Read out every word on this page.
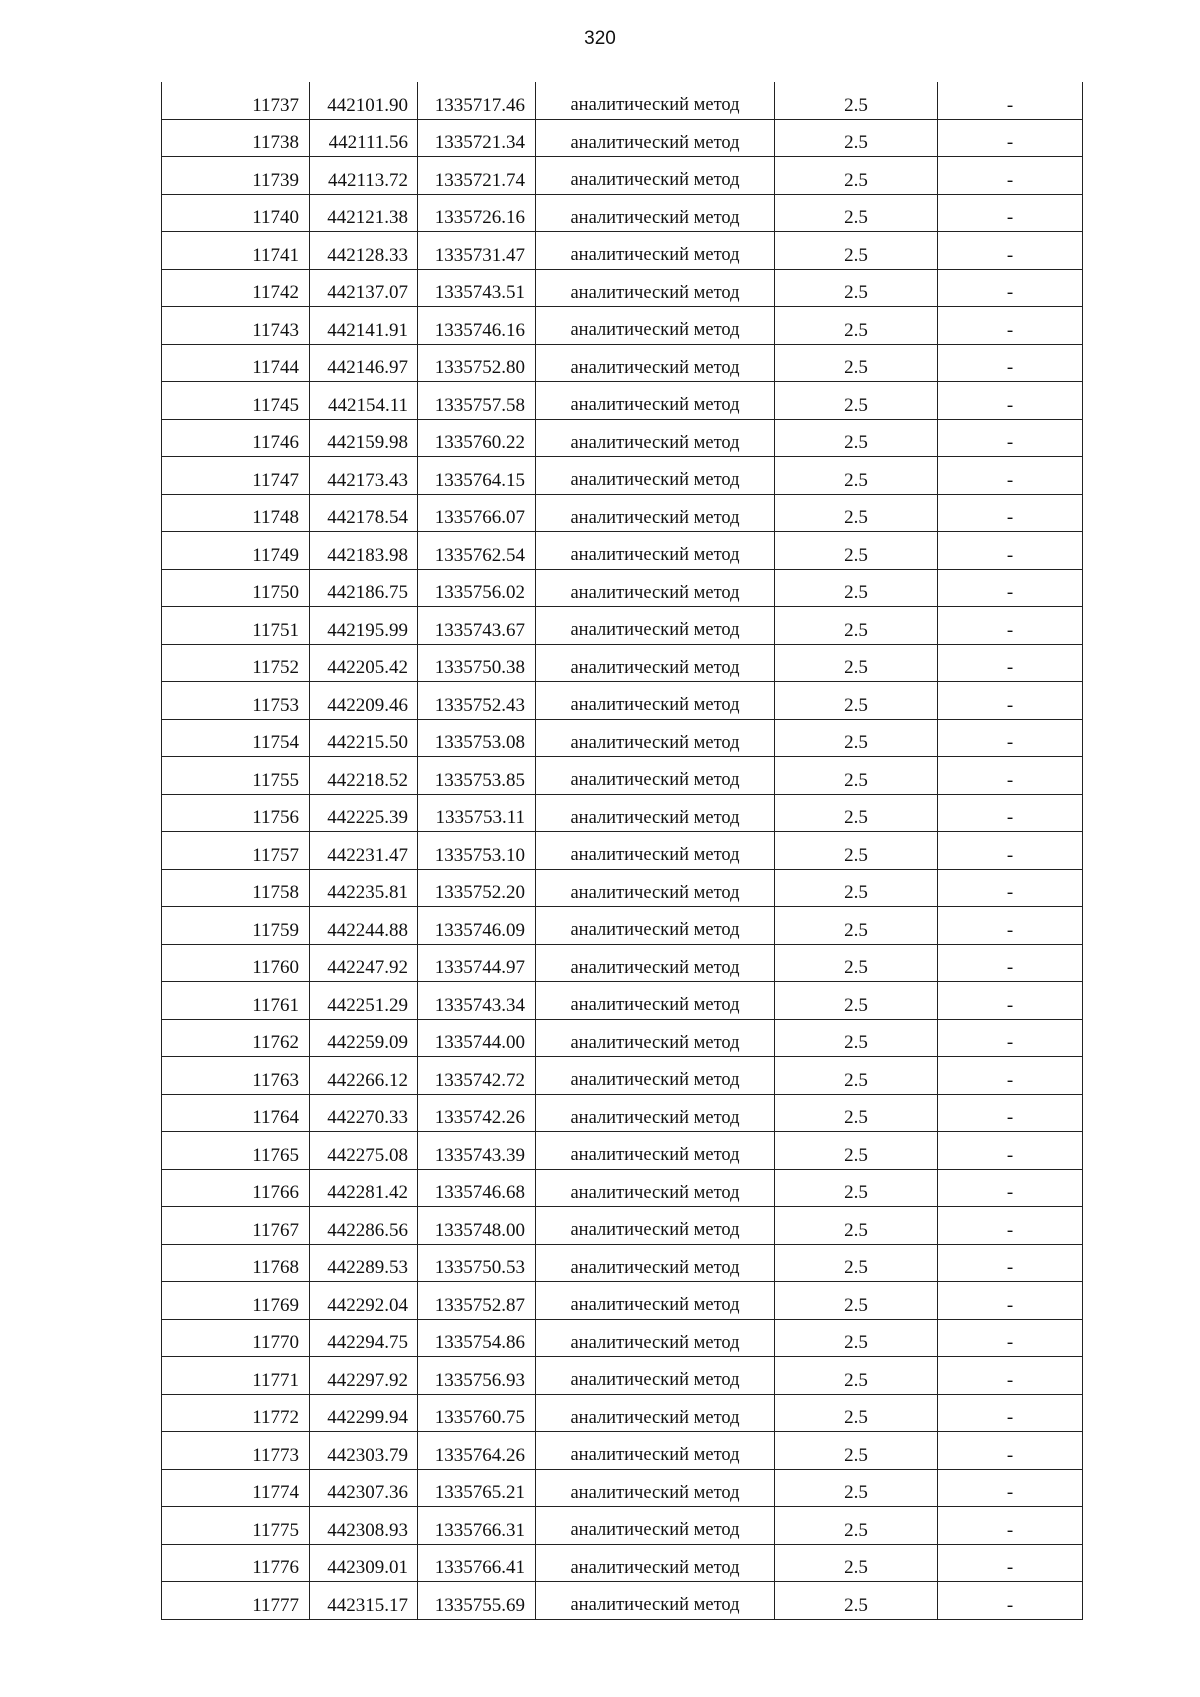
320
11737	442101.90	1335717.46	аналитический метод	2.5	-

11738	442111.56	1335721.34	аналитический метод	2.5	-

11739	442113.72	1335721.74	аналитический метод	2.5	-

11740	442121.38	1335726.16	аналитический метод	2.5	-

11741	442128.33	1335731.47	аналитический метод	2.5	-

11742	442137.07	1335743.51	аналитический метод	2.5	-

11743	442141.91	1335746.16	аналитический метод	2.5	-

11744	442146.97	1335752.80	аналитический метод	2.5	-

11745	442154.11	1335757.58	аналитический метод	2.5	-

11746	442159.98	1335760.22	аналитический метод	2.5	-

11747	442173.43	1335764.15	аналитический метод	2.5	-

11748	442178.54	1335766.07	аналитический метод	2.5	-

11749	442183.98	1335762.54	аналитический метод	2.5	-

11750	442186.75	1335756.02	аналитический метод	2.5	-

11751	442195.99	1335743.67	аналитический метод	2.5	-

11752	442205.42	1335750.38	аналитический метод	2.5	-

11753	442209.46	1335752.43	аналитический метод	2.5	-

11754	442215.50	1335753.08	аналитический метод	2.5	-

11755	442218.52	1335753.85	аналитический метод	2.5	-

11756	442225.39	1335753.11	аналитический метод	2.5	-

11757	442231.47	1335753.10	аналитический метод	2.5	-

11758	442235.81	1335752.20	аналитический метод	2.5	-

11759	442244.88	1335746.09	аналитический метод	2.5	-

11760	442247.92	1335744.97	аналитический метод	2.5	-

11761	442251.29	1335743.34	аналитический метод	2.5	-

11762	442259.09	1335744.00	аналитический метод	2.5	-

11763	442266.12	1335742.72	аналитический метод	2.5	-

11764	442270.33	1335742.26	аналитический метод	2.5	-

11765	442275.08	1335743.39	аналитический метод	2.5	-

11766	442281.42	1335746.68	аналитический метод	2.5	-

11767	442286.56	1335748.00	аналитический метод	2.5	-

11768	442289.53	1335750.53	аналитический метод	2.5	-

11769	442292.04	1335752.87	аналитический метод	2.5	-

11770	442294.75	1335754.86	аналитический метод	2.5	-

11771	442297.92	1335756.93	аналитический метод	2.5	-

11772	442299.94	1335760.75	аналитический метод	2.5	-

11773	442303.79	1335764.26	аналитический метод	2.5	-

11774	442307.36	1335765.21	аналитический метод	2.5	-

11775	442308.93	1335766.31	аналитический метод	2.5	-

11776	442309.01	1335766.41	аналитический метод	2.5	-

11777	442315.17	1335755.69	аналитический метод	2.5	-
